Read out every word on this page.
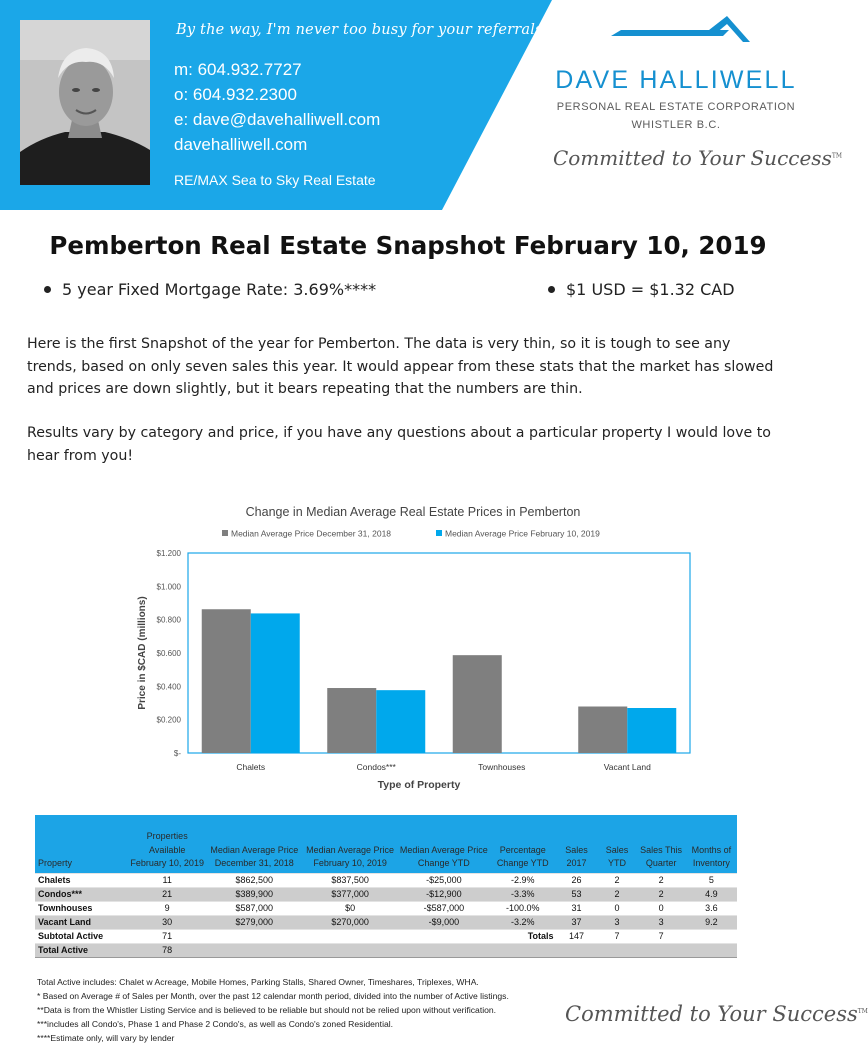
By the way, I'm never too busy for your referrals!
m: 604.932.7727
o: 604.932.2300
e: dave@davehalliwell.com
davehalliwell.com
RE/MAX Sea to Sky Real Estate
DAVE HALLIWELL
PERSONAL REAL ESTATE CORPORATION
WHISTLER B.C.
Committed to Your Success™
Pemberton Real Estate Snapshot February 10, 2019
5 year Fixed Mortgage Rate: 3.69%****	$1 USD = $1.32 CAD
Here is the first Snapshot of the year for Pemberton. The data is very thin, so it is tough to see any
trends, based on only seven sales this year. It would appear from these stats that the market has slowed
and prices are down slightly, but it bears repeating that the numbers are thin.
Results vary by category and price, if you have any questions about a particular property I would love to
hear from you!
Change in Median Average Real Estate Prices in Pemberton
Median Average Price December 31, 2018	Median Average Price February 10, 2019
$-
$0.200
$0.400
$0.600
$0.800
$1.000
$1.200
Price in $CAD (millions)
Chalets	Condos***	Townhouses	Vacant Land
Type of Property
Property	Properties Available February 10, 2019	Median Average Price December 31, 2018	Median Average Price February 10, 2019	Median Average Price Change YTD	Percentage Change YTD	Sales 2017	Sales YTD	Sales This Quarter	Months of Inventory
Chalets	11	$862,500	$837,500	-$25,000	-2.9%	26	2	2	5
Condos***	21	$389,900	$377,000	-$12,900	-3.3%	53	2	2	4.9
Townhouses	9	$587,000	$0	-$587,000	-100.0%	31	0	0	3.6
Vacant Land	30	$279,000	$270,000	-$9,000	-3.2%	37	3	3	9.2
Subtotal Active	71				Totals	147	7	7	
Total Active	78								
Total Active includes: Chalet w Acreage, Mobile Homes, Parking Stalls, Shared Owner, Timeshares, Triplexes, WHA.
* Based on Average # of Sales per Month, over the past 12 calendar month period, divided into the number of Active listings.
**Data is from the Whistler Listing Service and is believed to be reliable but should not be relied upon without verification.
***includes all Condo's, Phase 1 and Phase 2 Condo's, as well as Condo's zoned Residential.
****Estimate only, will vary by lender
Committed to Your Success™
